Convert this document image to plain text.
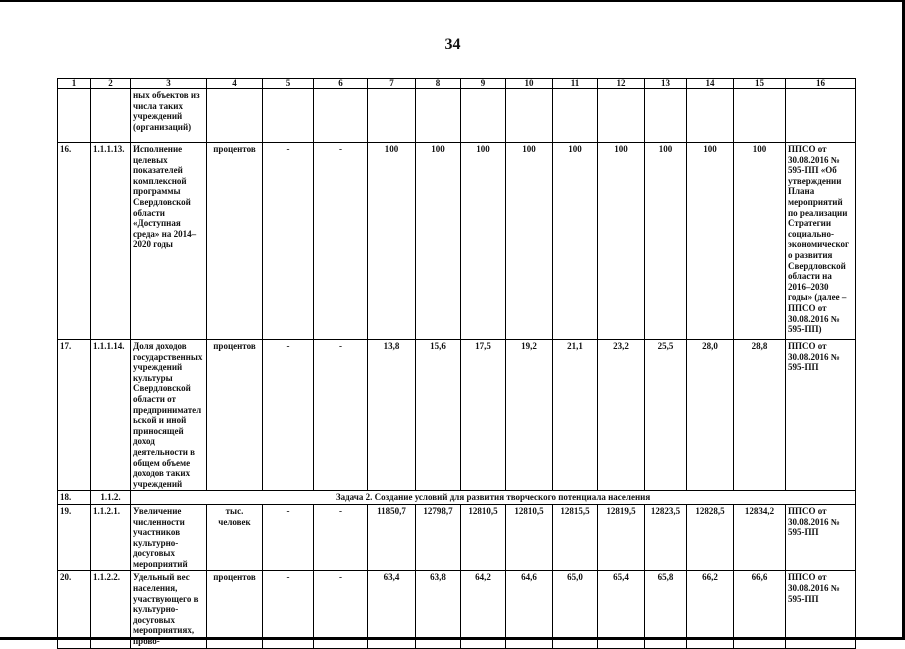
34
1	2	3	4	5	6	7	8	9	10	11	12	13	14	15	16
		ных объектов из числа таких учреждений (организаций)													
16.	1.1.1.13.	Исполнение целевых показателей комплексной программы Свердловской области «Доступная среда» на 2014–2020 годы	процентов	-	-	100	100	100	100	100	100	100	100	100	ППСО от 30.08.2016 № 595-ПП «Об утверждении Плана мероприятий по реализации Стратегии социально-экономического развития Свердловской области на 2016–2030 годы» (далее – ППСО от 30.08.2016 № 595-ПП)
17.	1.1.1.14.	Доля доходов государственных учреждений культуры Свердловской области от предпринимательской и иной приносящей доход деятельности в общем объеме доходов таких учреждений	процентов	-	-	13,8	15,6	17,5	19,2	21,1	23,2	25,5	28,0	28,8	ППСО от 30.08.2016 № 595-ПП
18.	1.1.2.	Задача 2. Создание условий для развития творческого потенциала населения													
19.	1.1.2.1.	Увеличение численности участников культурно-досуговых мероприятий	тыс. человек	-	-	11850,7	12798,7	12810,5	12810,5	12815,5	12819,5	12823,5	12828,5	12834,2	ППСО от 30.08.2016 № 595-ПП
20.	1.1.2.2.	Удельный вес населения, участвующего в культурно-досуговых мероприятиях, прово-	процентов	-	-	63,4	63,8	64,2	64,6	65,0	65,4	65,8	66,2	66,6	ППСО от 30.08.2016 № 595-ПП
